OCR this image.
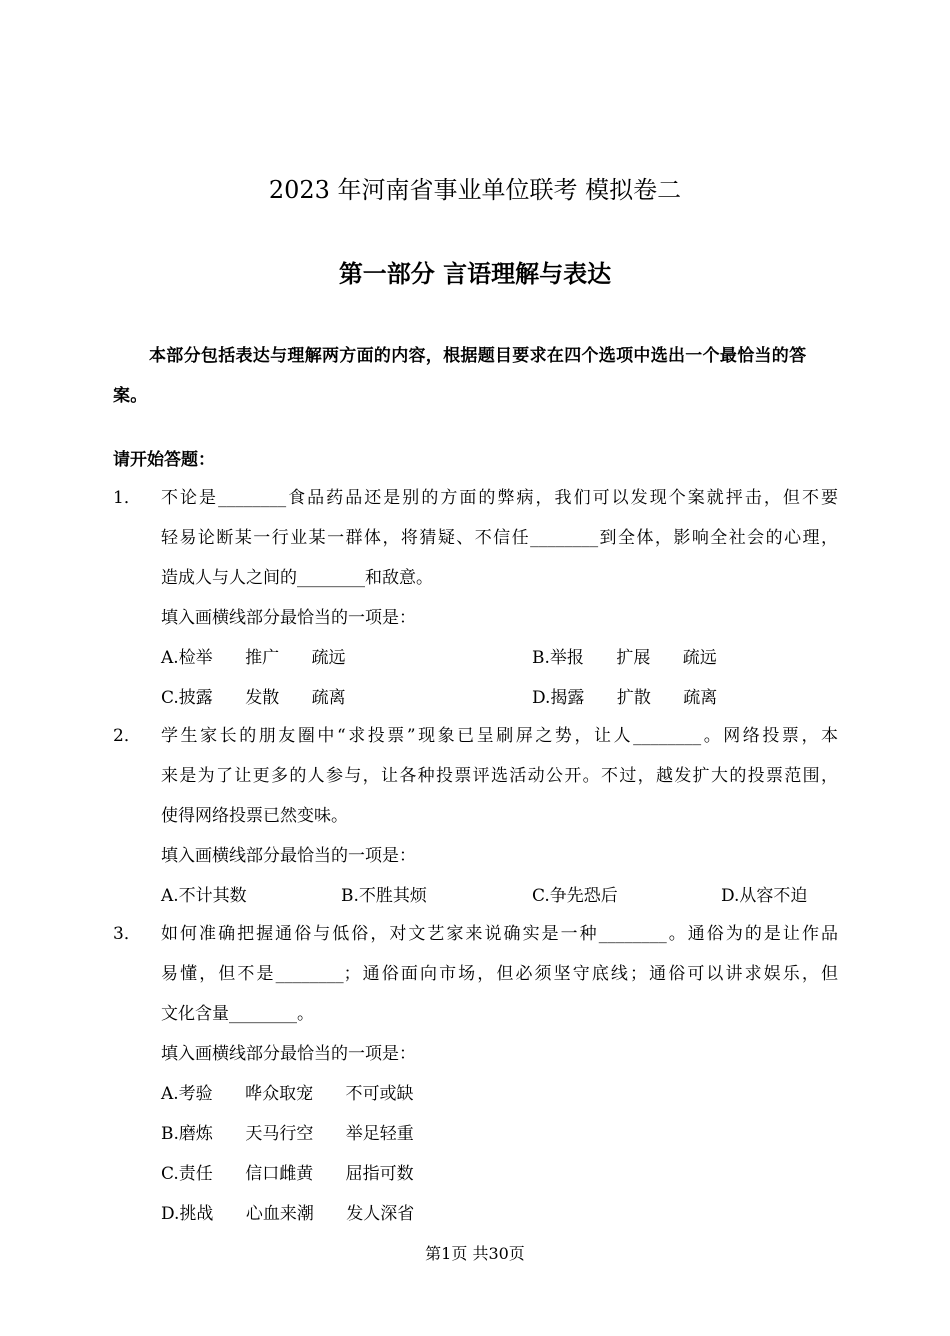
2023 年河南省事业单位联考 模拟卷二
第一部分 言语理解与表达
本部分包括表达与理解两方面的内容，根据题目要求在四个选项中选出一个最恰当的答案。
请开始答题：
1．	不论是________食品药品还是别的方面的弊病，我们可以发现个案就抨击，但不要
轻易论断某一行业某一群体，将猜疑、不信任________到全体，影响全社会的心理，
造成人与人之间的________和敌意。
填入画横线部分最恰当的一项是：
A.检举      推广      疏远	B.举报      扩展      疏远
C.披露      发散      疏离	D.揭露      扩散      疏离
2．	学生家长的朋友圈中“求投票”现象已呈刷屏之势，让人________。网络投票，本
来是为了让更多的人参与，让各种投票评选活动公开。不过，越发扩大的投票范围，
使得网络投票已然变味。
填入画横线部分最恰当的一项是：
A.不计其数	B.不胜其烦	C.争先恐后	D.从容不迫
3．	如何准确把握通俗与低俗，对文艺家来说确实是一种________。通俗为的是让作品
易懂，但不是________；通俗面向市场，但必须坚守底线；通俗可以讲求娱乐，但
文化含量________。
填入画横线部分最恰当的一项是：
A.考验      哗众取宠      不可或缺
B.磨炼      天马行空      举足轻重
C.责任      信口雌黄      屈指可数
D.挑战      心血来潮      发人深省
第1页 共30页
